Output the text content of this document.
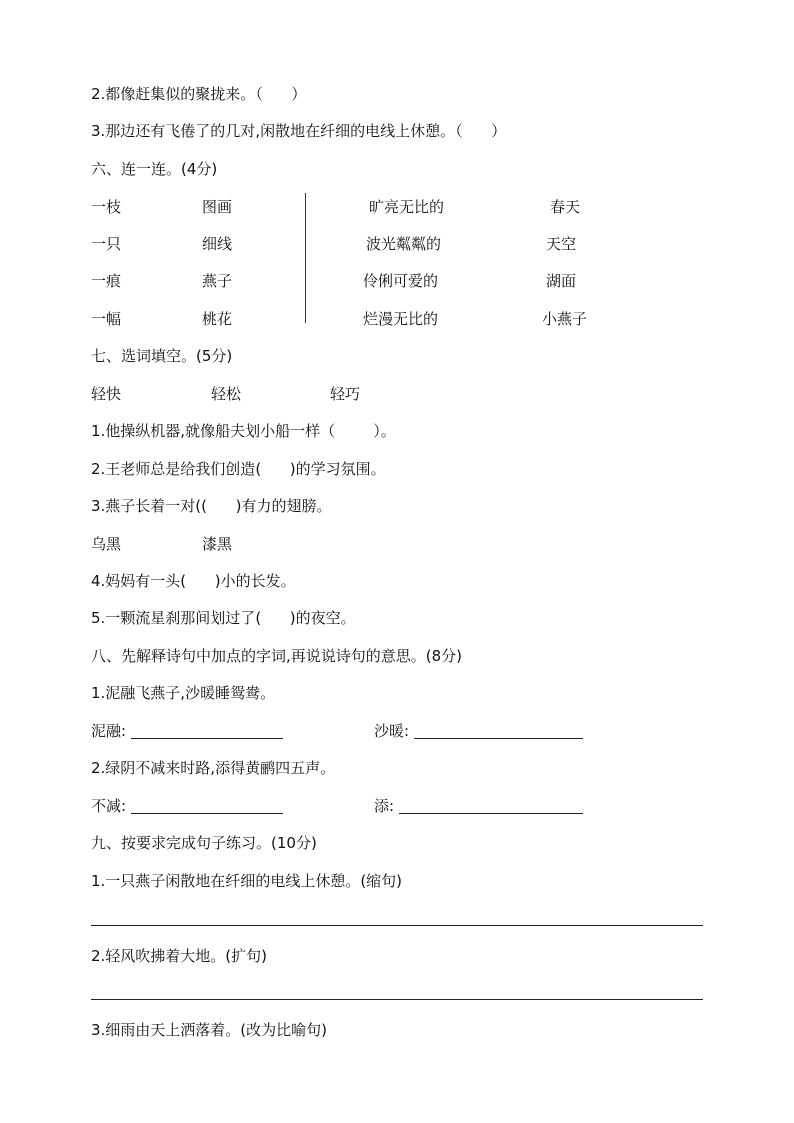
2.都像赶集似的聚拢来。（      ）
3.那边还有飞倦了的几对,闲散地在纤细的电线上休憩。（      ）
六、连一连。(4分)
一枝	图画
一只	细线
一痕	燕子
一幅	桃花
旷亮无比的	春天
波光粼粼的	天空
伶俐可爱的	湖面
烂漫无比的	小燕子
七、选词填空。(5分)
轻快	轻松	轻巧
1.他操纵机器,就像船夫划小船一样（        ）。
2.王老师总是给我们创造(      )的学习氛围。
3.燕子长着一对((      )有力的翅膀。
乌黑	漆黑
4.妈妈有一头(      )小的长发。
5.一颗流星刹那间划过了(      )的夜空。
八、先解释诗句中加点的字词,再说说诗句的意思。(8分)
1.泥融飞燕子,沙暖睡鸳鸯。
泥融:	沙暖:
2.绿阴不减来时路,添得黄鹂四五声。
不减:	添:
九、按要求完成句子练习。(10分)
1.一只燕子闲散地在纤细的电线上休憩。(缩句)
2.轻风吹拂着大地。(扩句)
3.细雨由天上洒落着。(改为比喻句)
